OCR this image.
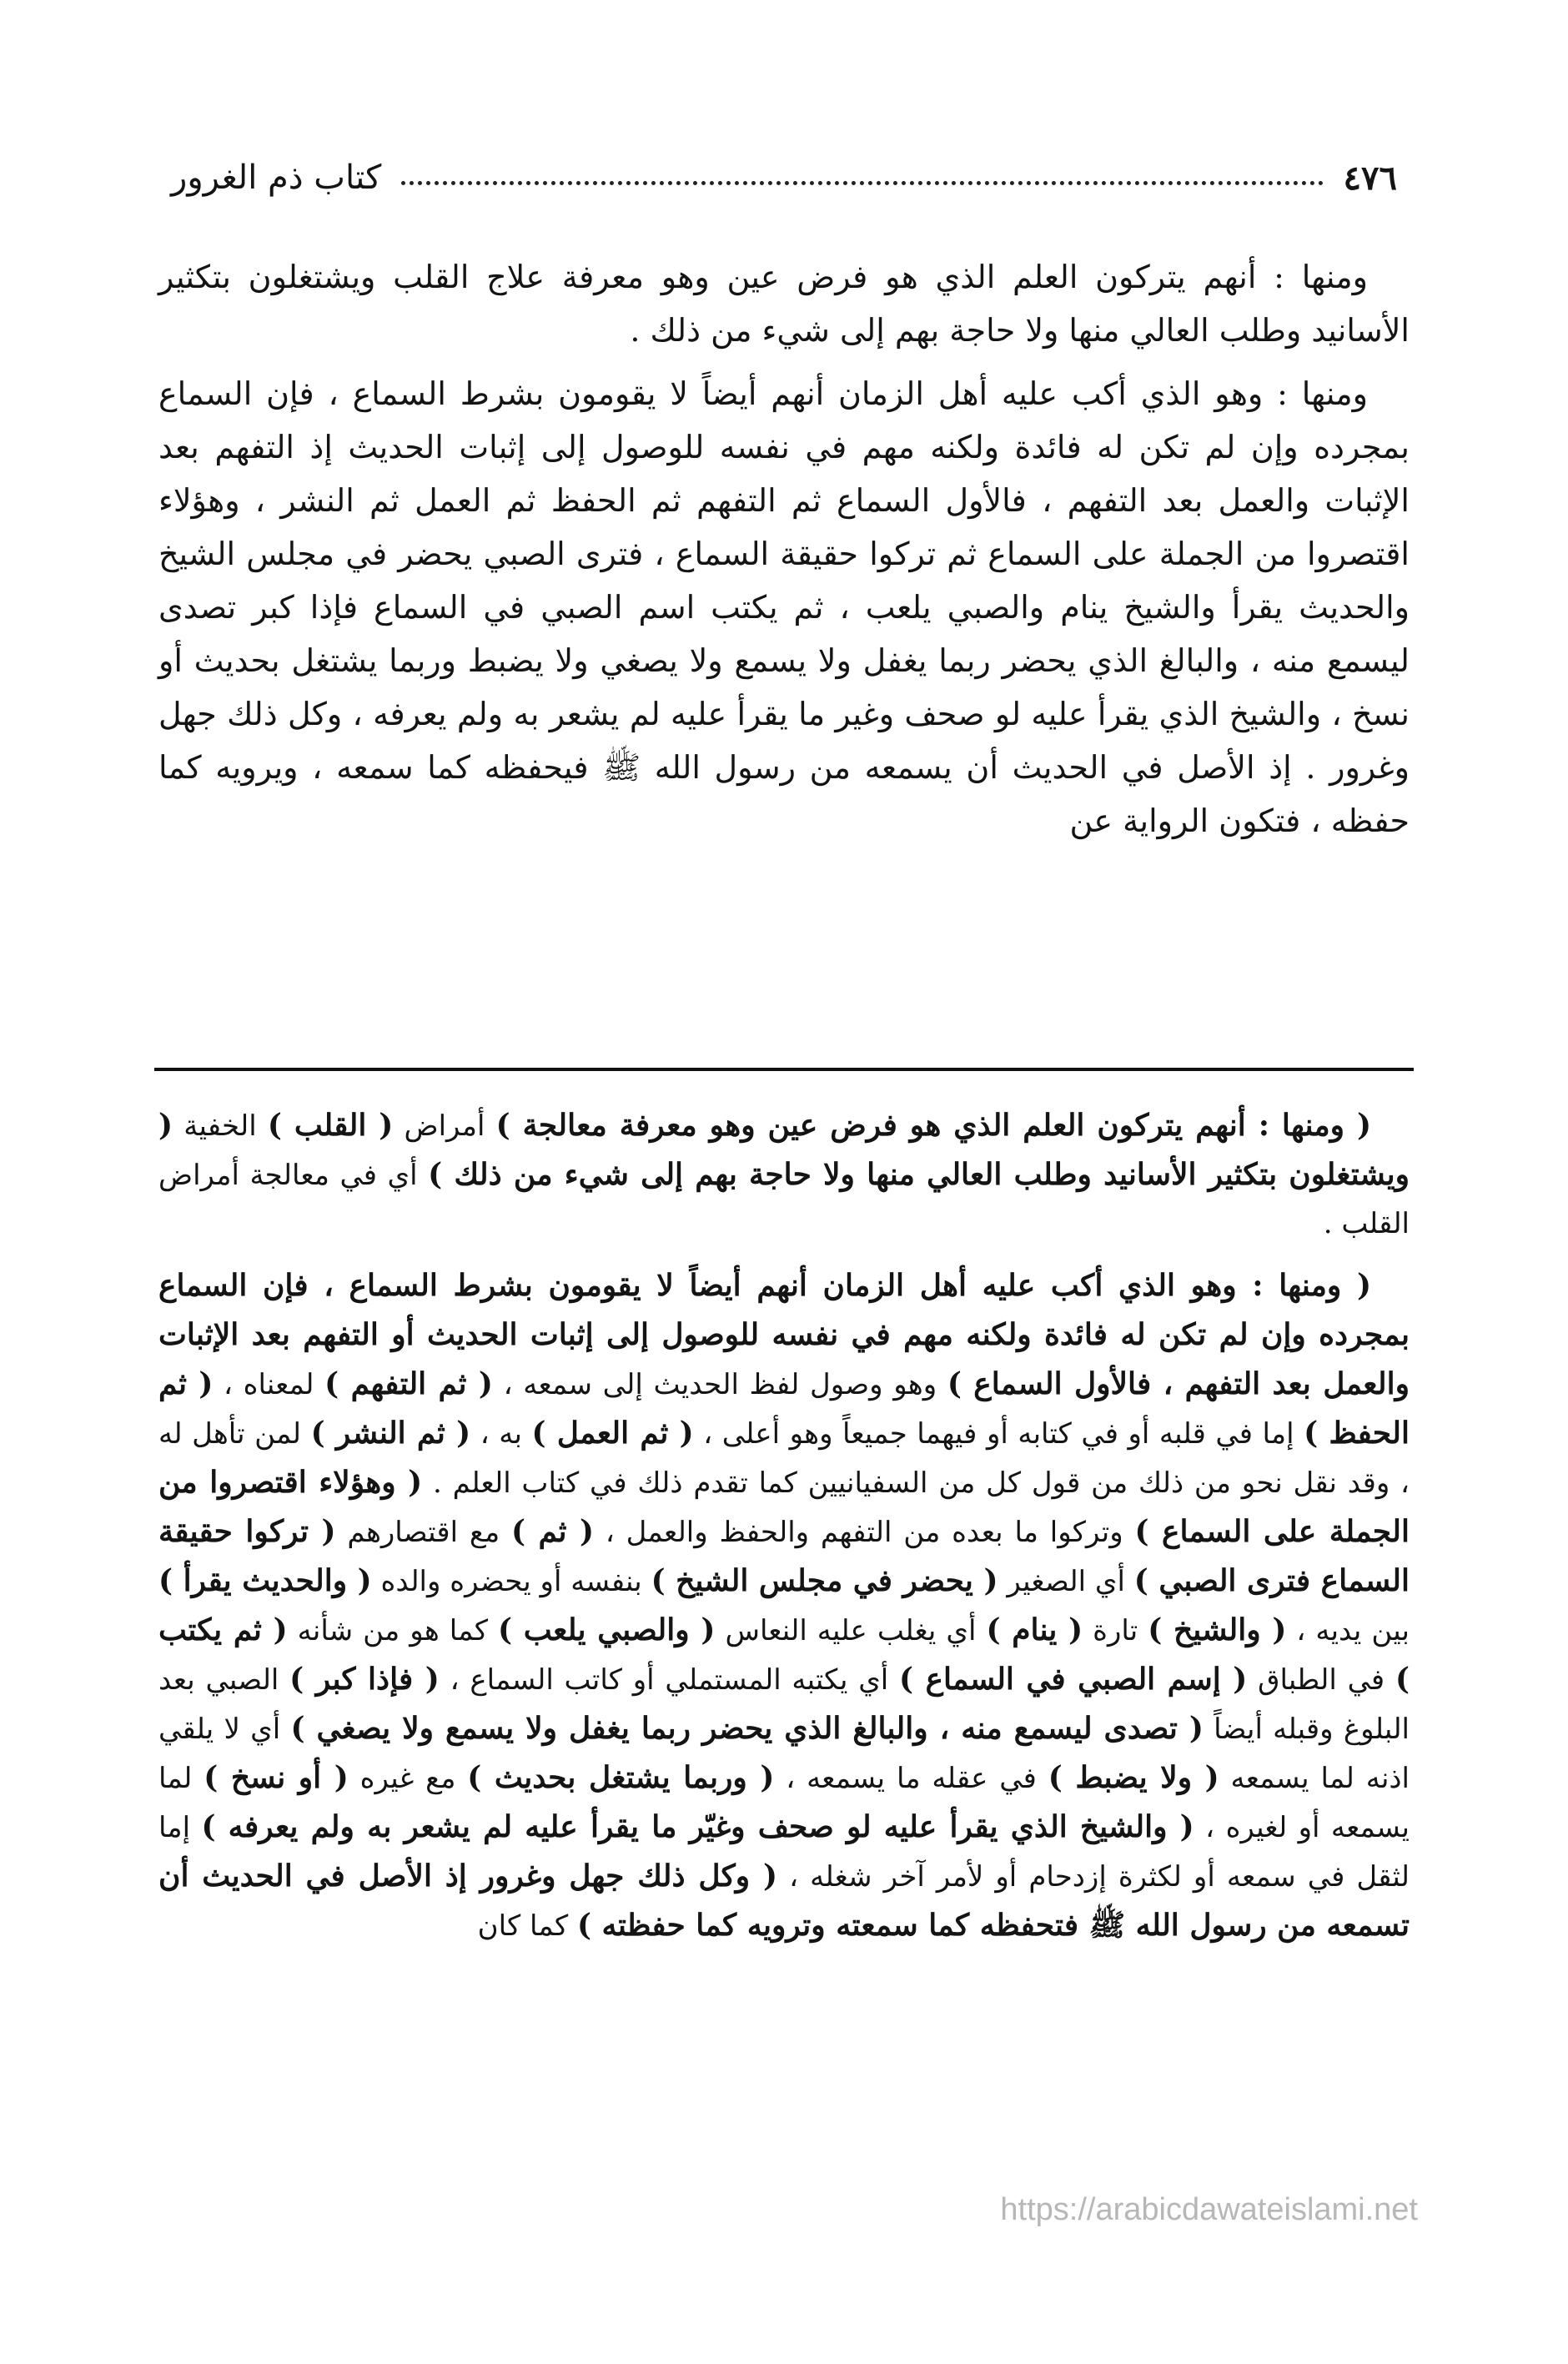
٤٧٦
كتاب ذم الغرور

ومنها : أنهم يتركون العلم الذي هو فرض عين وهو معرفة علاج القلب ويشتغلون بتكثير الأسانيد وطلب العالي منها ولا حاجة بهم إلى شيء من ذلك .

ومنها : وهو الذي أكب عليه أهل الزمان أنهم أيضاً لا يقومون بشرط السماع ، فإن السماع بمجرده وإن لم تكن له فائدة ولكنه مهم في نفسه للوصول إلى إثبات الحديث إذ التفهم بعد الإثبات والعمل بعد التفهم ، فالأول السماع ثم التفهم ثم الحفظ ثم العمل ثم النشر ، وهؤلاء اقتصروا من الجملة على السماع ثم تركوا حقيقة السماع ، فترى الصبي يحضر في مجلس الشيخ والحديث يقرأ والشيخ ينام والصبي يلعب ، ثم يكتب اسم الصبي في السماع فإذا كبر تصدى ليسمع منه ، والبالغ الذي يحضر ربما يغفل ولا يسمع ولا يصغي ولا يضبط وربما يشتغل بحديث أو نسخ ، والشيخ الذي يقرأ عليه لو صحف وغير ما يقرأ عليه لم يشعر به ولم يعرفه ، وكل ذلك جهل وغرور . إذ الأصل في الحديث أن يسمعه من رسول الله ﷺ فيحفظه كما سمعه ، ويرويه كما حفظه ، فتكون الرواية عن

( ومنها : أنهم يتركون العلم الذي هو فرض عين وهو معرفة معالجة ) أمراض ( القلب ) الخفية ( ويشتغلون بتكثير الأسانيد وطلب العالي منها ولا حاجة بهم إلى شيء من ذلك ) أي في معالجة أمراض القلب .

( ومنها : وهو الذي أكب عليه أهل الزمان أنهم أيضاً لا يقومون بشرط السماع ، فإن السماع بمجرده وإن لم تكن له فائدة ولكنه مهم في نفسه للوصول إلى إثبات الحديث أو التفهم بعد الإثبات والعمل بعد التفهم ، فالأول السماع ) وهو وصول لفظ الحديث إلى سمعه ، ( ثم التفهم ) لمعناه ، ( ثم الحفظ ) إما في قلبه أو في كتابه أو فيهما جميعاً وهو أعلى ، ( ثم العمل ) به ، ( ثم النشر ) لمن تأهل له ، وقد نقل نحو من ذلك من قول كل من السفيانيين كما تقدم ذلك في كتاب العلم . ( وهؤلاء اقتصروا من الجملة على السماع ) وتركوا ما بعده من التفهم والحفظ والعمل ، ( ثم ) مع اقتصارهم ( تركوا حقيقة السماع فترى الصبي ) أي الصغير ( يحضر في مجلس الشيخ ) بنفسه أو يحضره والده ( والحديث يقرأ ) بين يديه ، ( والشيخ ) تارة ( ينام ) أي يغلب عليه النعاس ( والصبي يلعب ) كما هو من شأنه ( ثم يكتب ) في الطباق ( إسم الصبي في السماع ) أي يكتبه المستملي أو كاتب السماع ، ( فإذا كبر ) الصبي بعد البلوغ وقبله أيضاً ( تصدى ليسمع منه ، والبالغ الذي يحضر ربما يغفل ولا يسمع ولا يصغي ) أي لا يلقي اذنه لما يسمعه ( ولا يضبط ) في عقله ما يسمعه ، ( وربما يشتغل بحديث ) مع غيره ( أو نسخ ) لما يسمعه أو لغيره ، ( والشيخ الذي يقرأ عليه لو صحف وغيّر ما يقرأ عليه لم يشعر به ولم يعرفه ) إما لثقل في سمعه أو لكثرة إزدحام أو لأمر آخر شغله ، ( وكل ذلك جهل وغرور إذ الأصل في الحديث أن تسمعه من رسول الله ﷺ فتحفظه كما سمعته وترويه كما حفظته ) كما كان

https://arabicdawateislami.net
